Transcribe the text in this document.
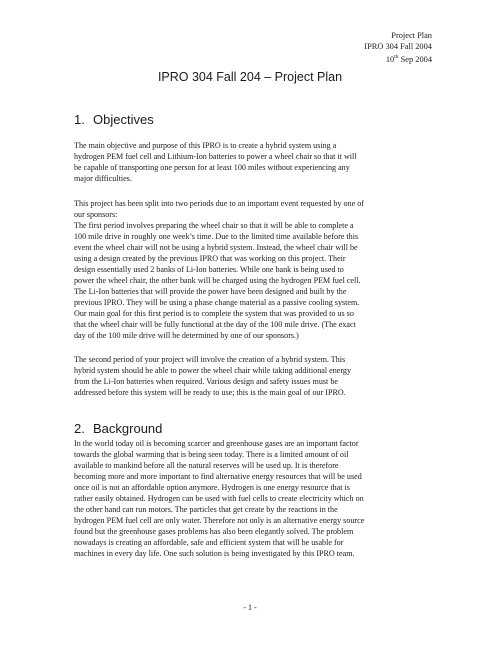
Project Plan
IPRO 304 Fall 2004
10th Sep 2004
IPRO 304 Fall 204 – Project Plan
1. Objectives

The main objective and purpose of this IPRO is to create a hybrid system using a
hydrogen PEM fuel cell and Lithium-Ion batteries to power a wheel chair so that it will
be capable of transporting one person for at least 100 miles without experiencing any
major difficulties.

This project has been split into two periods due to an important event requested by one of
our sponsors:
The first period involves preparing the wheel chair so that it will be able to complete a
100 mile drive in roughly one week’s time. Due to the limited time available before this
event the wheel chair will not be using a hybrid system. Instead, the wheel chair will be
using a design created by the previous IPRO that was working on this project. Their
design essentially used 2 banks of Li-Ion batteries. While one bank is being used to
power the wheel chair, the other bank will be charged using the hydrogen PEM fuel cell.
The Li-Ion batteries that will provide the power have been designed and built by the
previous IPRO. They will be using a phase change material as a passive cooling system.
Our main goal for this first period is to complete the system that was provided to us so
that the wheel chair will be fully functional at the day of the 100 mile drive. (The exact
day of the 100 mile drive will be determined by one of our sponsors.)

The second period of your project will involve the creation of a hybrid system. This
hybrid system should be able to power the wheel chair while taking additional energy
from the Li-Ion batteries when required. Various design and safety issues must be
addressed before this system will be ready to use; this is the main goal of our IPRO.

2. Background

In the world today oil is becoming scarcer and greenhouse gases are an important factor
towards the global warming that is being seen today. There is a limited amount of oil
available to mankind before all the natural reserves will be used up. It is therefore
becoming more and more important to find alternative energy resources that will be used
once oil is not an affordable option anymore. Hydrogen is one energy resource that is
rather easily obtained. Hydrogen can be used with fuel cells to create electricity which on
the other hand can run motors. The particles that get create by the reactions in the
hydrogen PEM fuel cell are only water. Therefore not only is an alternative energy source
found but the greenhouse gases problems has also been elegantly solved. The problem
nowadays is creating an affordable, safe and efficient system that will be usable for
machines in every day life. One such solution is being investigated by this IPRO team.

- 1 -
